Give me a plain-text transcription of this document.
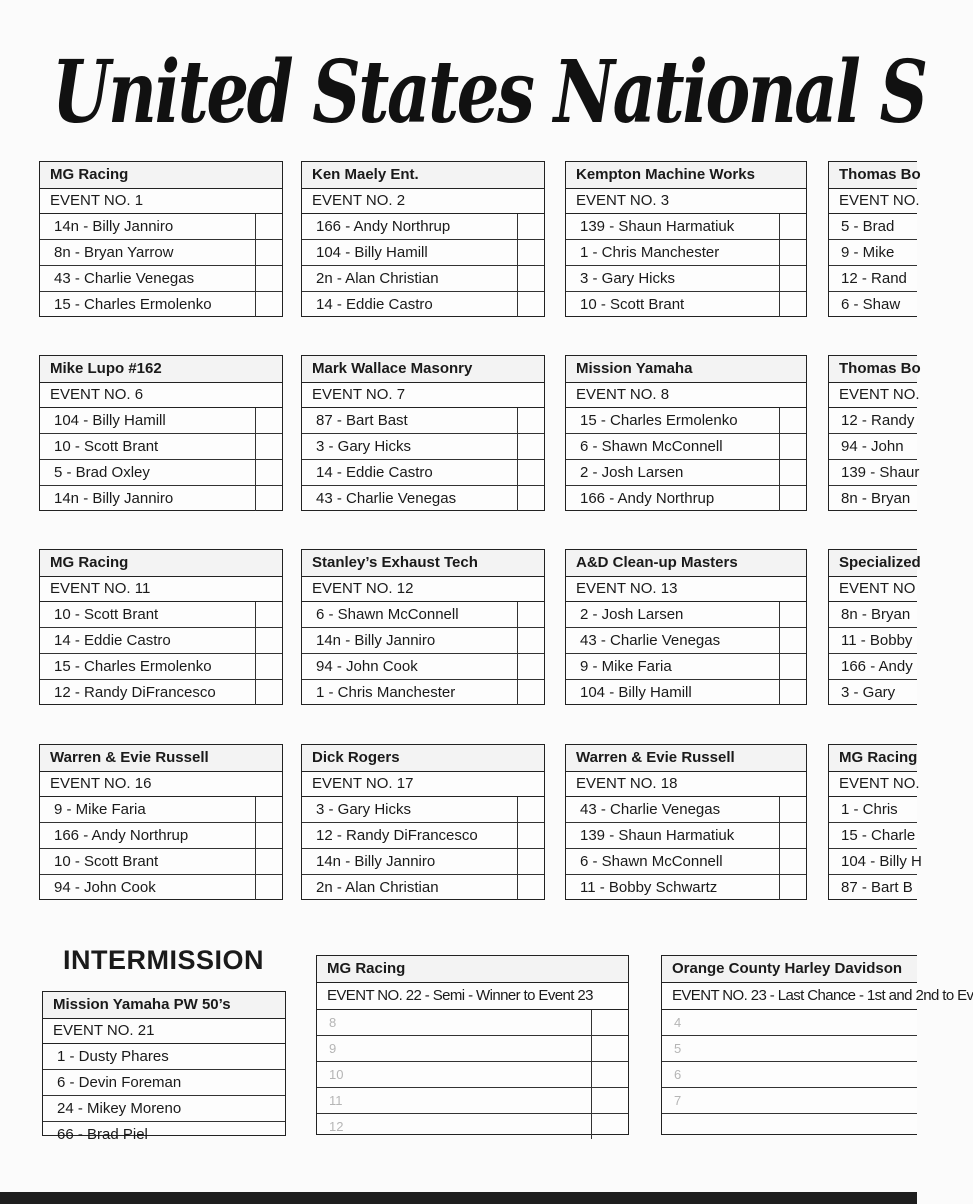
United States National S
MG Racing
EVENT NO. 1
14n - Billy Janniro
8n - Bryan Yarrow
43 - Charlie Venegas
15 - Charles Ermolenko
Ken Maely Ent.
EVENT NO. 2
166 - Andy Northrup
104 - Billy Hamill
2n - Alan Christian
14 - Eddie Castro
Kempton Machine Works
EVENT NO. 3
139 - Shaun Harmatiuk
1 - Chris Manchester
3 - Gary Hicks
10 - Scott Brant
Thomas Bo
EVENT NO.
5 - Brad
9 - Mike
12 - Rand
6 - Shaw
Mike Lupo #162
EVENT NO. 6
104 - Billy Hamill
10 - Scott Brant
5 - Brad Oxley
14n - Billy Janniro
Mark Wallace Masonry
EVENT NO. 7
87 - Bart Bast
3 - Gary Hicks
14 - Eddie Castro
43 - Charlie Venegas
Mission Yamaha
EVENT NO. 8
15 - Charles Ermolenko
6 - Shawn McConnell
2 - Josh Larsen
166 - Andy Northrup
Thomas Bo
EVENT NO.
12 - Randy
94 - John
139 - Shaur
8n - Bryan
MG Racing
EVENT NO. 11
10 - Scott Brant
14 - Eddie Castro
15 - Charles Ermolenko
12 - Randy DiFrancesco
Stanley’s Exhaust Tech
EVENT NO. 12
6 - Shawn McConnell
14n - Billy Janniro
94 - John Cook
1 - Chris Manchester
A&D Clean-up Masters
EVENT NO. 13
2 - Josh Larsen
43 - Charlie Venegas
9 - Mike Faria
104 - Billy Hamill
Specialized
EVENT NO
8n - Bryan
11 - Bobby
166 - Andy
3 - Gary
Warren & Evie Russell
EVENT NO. 16
9 - Mike Faria
166 - Andy Northrup
10 - Scott Brant
94 - John Cook
Dick Rogers
EVENT NO. 17
3 - Gary Hicks
12 - Randy DiFrancesco
14n - Billy Janniro
2n - Alan Christian
Warren & Evie Russell
EVENT NO. 18
43 - Charlie Venegas
139 - Shaun Harmatiuk
6 - Shawn McConnell
11 - Bobby Schwartz
MG Racing
EVENT NO.
1 - Chris
15 - Charle
104 - Billy H
87 - Bart B
Mission Yamaha PW 50’s
EVENT NO. 21
1 - Dusty Phares
6 - Devin Foreman
24 - Mikey Moreno
66 - Brad Piel
INTERMISSION	MG Racing
EVENT NO. 22 - Semi - Winner to Event 23
8
9
10
11
12
Orange County Harley Davidson
EVENT NO. 23 - Last Chance - 1st and 2nd to Ev
4
5
6
7
